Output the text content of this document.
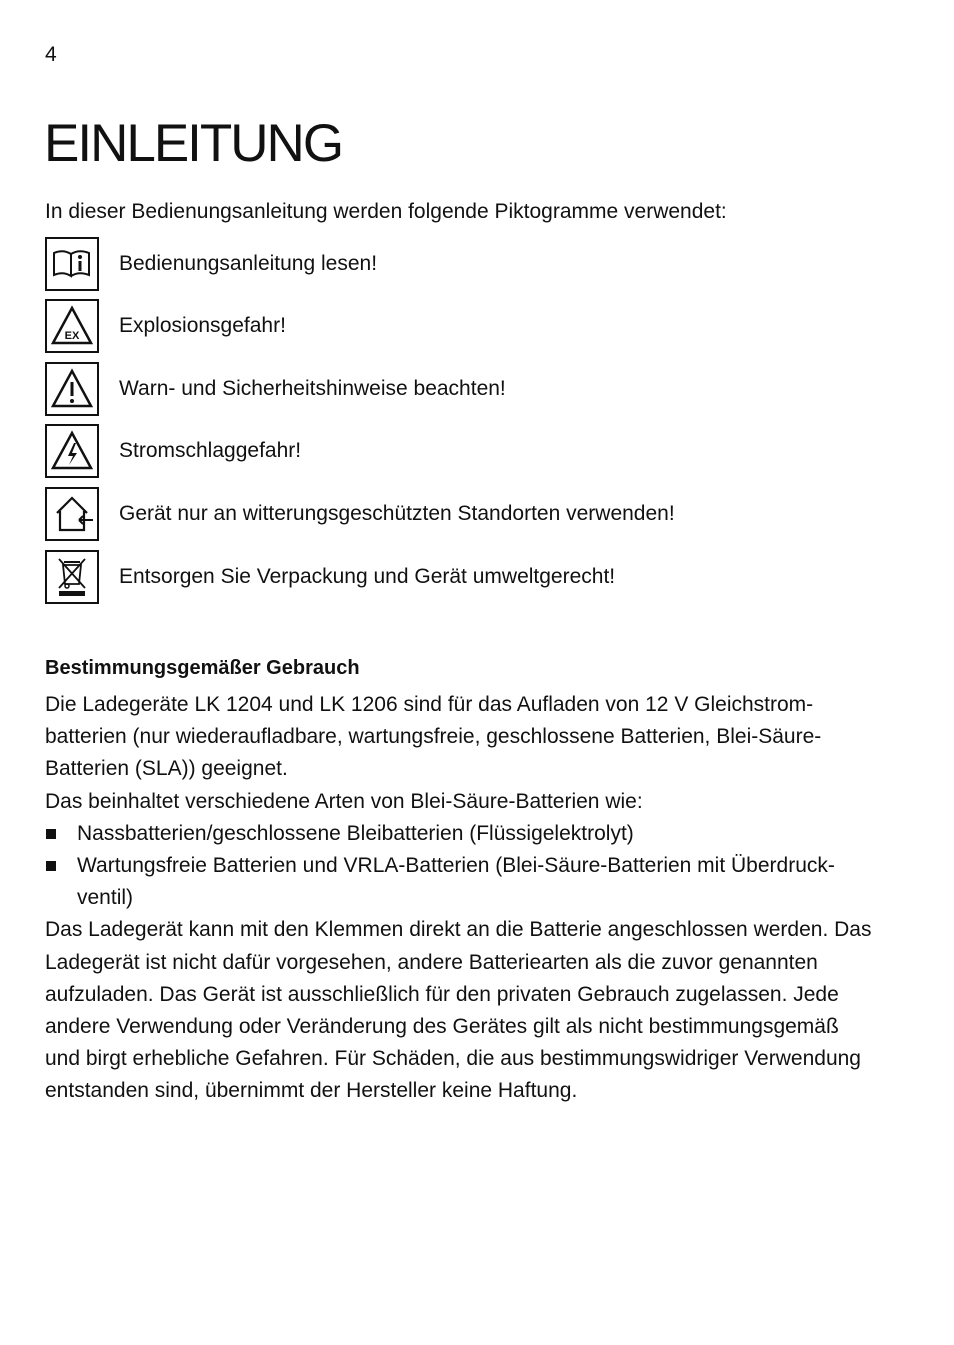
4
EINLEITUNG

In dieser Bedienungsanleitung werden folgende Piktogramme verwendet:

Bedienungsanleitung lesen!
EX Explosionsgefahr!
Warn- und Sicherheitshinweise beachten!
Stromschlaggefahr!
Gerät nur an witterungsgeschützten Standorten verwenden!
Entsorgen Sie Verpackung und Gerät umweltgerecht!
Bestimmungsgemäßer Gebrauch

Die Ladegeräte LK 1204 und LK 1206 sind für das Aufladen von 12 V Gleichstrom-batterien (nur wiederaufladbare, wartungsfreie, geschlossene Batterien, Blei-Säure-Batterien (SLA)) geeignet.

Das beinhaltet verschiedene Arten von Blei-Säure-Batterien wie:

Nassbatterien/geschlossene Bleibatterien (Flüssigelektrolyt)
Wartungsfreie Batterien und VRLA-Batterien (Blei-Säure-Batterien mit Überdruck-ventil)

Das Ladegerät kann mit den Klemmen direkt an die Batterie angeschlossen werden. Das Ladegerät ist nicht dafür vorgesehen, andere Batteriearten als die zuvor genannten aufzuladen. Das Gerät ist ausschließlich für den privaten Gebrauch zugelassen. Jede andere Verwendung oder Veränderung des Gerätes gilt als nicht bestimmungsgemäß und birgt erhebliche Gefahren. Für Schäden, die aus bestimmungswidriger Verwendung entstanden sind, übernimmt der Hersteller keine Haftung.
